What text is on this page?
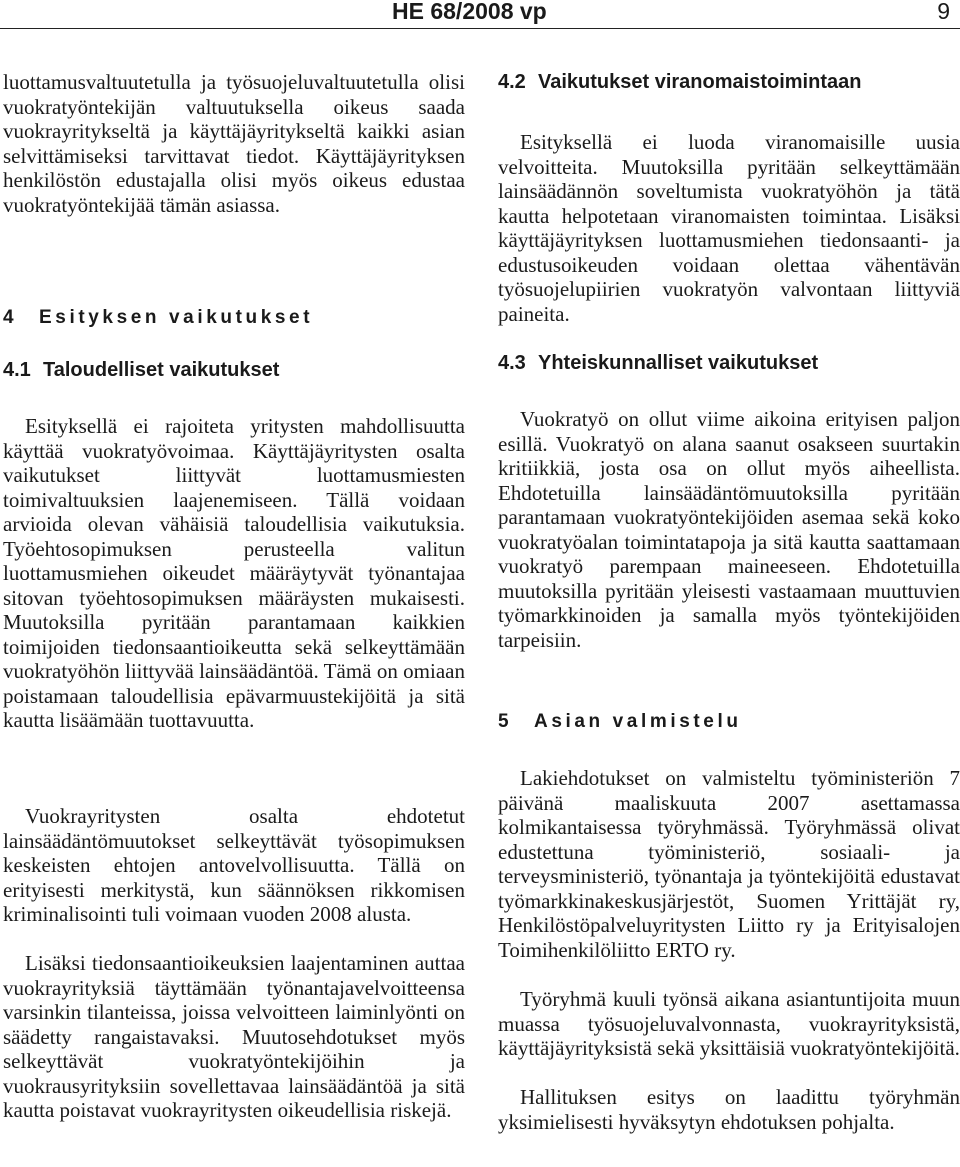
HE 68/2008 vp	9

luottamusvaltuutetulla ja työsuojeluvaltuutetulla olisi vuokratyöntekijän valtuutuksella oikeus saada vuokrayritykseltä ja käyttäjäyritykseltä kaikki asian selvittämiseksi tarvittavat tiedot. Käyttäjäyrityksen henkilöstön edustajalla olisi myös oikeus edustaa vuokratyöntekijää tämän asiassa.

4 Esityksen vaikutukset
4.1 Taloudelliset vaikutukset

Esityksellä ei rajoiteta yritysten mahdollisuutta käyttää vuokratyövoimaa. Käyttäjäyritysten osalta vaikutukset liittyvät luottamusmiesten toimivaltuuksien laajenemiseen. Tällä voidaan arvioida olevan vähäisiä taloudellisia vaikutuksia. Työehtosopimuksen perusteella valitun luottamusmiehen oikeudet määräytyvät työnantajaa sitovan työehtosopimuksen määräysten mukaisesti. Muutoksilla pyritään parantamaan kaikkien toimijoiden tiedonsaantioikeutta sekä selkeyttämään vuokratyöhön liittyvää lainsäädäntöä. Tämä on omiaan poistamaan taloudellisia epävarmuustekijöitä ja sitä kautta lisäämään tuottavuutta.

Vuokrayritysten osalta ehdotetut lainsäädäntömuutokset selkeyttävät työsopimuksen keskeisten ehtojen antovelvollisuutta. Tällä on erityisesti merkitystä, kun säännöksen rikkomisen kriminalisointi tuli voimaan vuoden 2008 alusta.

Lisäksi tiedonsaantioikeuksien laajentaminen auttaa vuokrayrityksiä täyttämään työnantajavelvoitteensa varsinkin tilanteissa, joissa velvoitteen laiminlyönti on säädetty rangaistavaksi. Muutosehdotukset myös selkeyttävät vuokratyöntekijöihin ja vuokrausyrityksiin sovellettavaa lainsäädäntöä ja sitä kautta poistavat vuokrayritysten oikeudellisia riskejä.

4.2 Vaikutukset viranomaistoimintaan

Esityksellä ei luoda viranomaisille uusia velvoitteita. Muutoksilla pyritään selkeyttämään lainsäädännön soveltumista vuokratyöhön ja tätä kautta helpotetaan viranomaisten toimintaa. Lisäksi käyttäjäyrityksen luottamusmiehen tiedonsaanti- ja edustusoikeuden voidaan olettaa vähentävän työsuojelupiirien vuokratyön valvontaan liittyviä paineita.

4.3 Yhteiskunnalliset vaikutukset

Vuokratyö on ollut viime aikoina erityisen paljon esillä. Vuokratyö on alana saanut osakseen suurtakin kritiikkiä, josta osa on ollut myös aiheellista. Ehdotetuilla lainsäädäntömuutoksilla pyritään parantamaan vuokratyöntekijöiden asemaa sekä koko vuokratyöalan toimintatapoja ja sitä kautta saattamaan vuokratyö parempaan maineeseen. Ehdotetuilla muutoksilla pyritään yleisesti vastaamaan muuttuvien työmarkkinoiden ja samalla myös työntekijöiden tarpeisiin.

5 Asian valmistelu

Lakiehdotukset on valmisteltu työministeriön 7 päivänä maaliskuuta 2007 asettamassa kolmikantaisessa työryhmässä. Työryhmässä olivat edustettuna työministeriö, sosiaali- ja terveysministeriö, työnantaja ja työntekijöitä edustavat työmarkkinakeskusjärjestöt, Suomen Yrittäjät ry, Henkilöstöpalveluyritysten Liitto ry ja Erityisalojen Toimihenkilöliitto ERTO ry.

Työryhmä kuuli työnsä aikana asiantuntijoita muun muassa työsuojeluvalvonnasta, vuokrayrityksistä, käyttäjäyrityksistä sekä yksittäisiä vuokratyöntekijöitä.

Hallituksen esitys on laadittu työryhmän yksimielisesti hyväksytyn ehdotuksen pohjalta.
